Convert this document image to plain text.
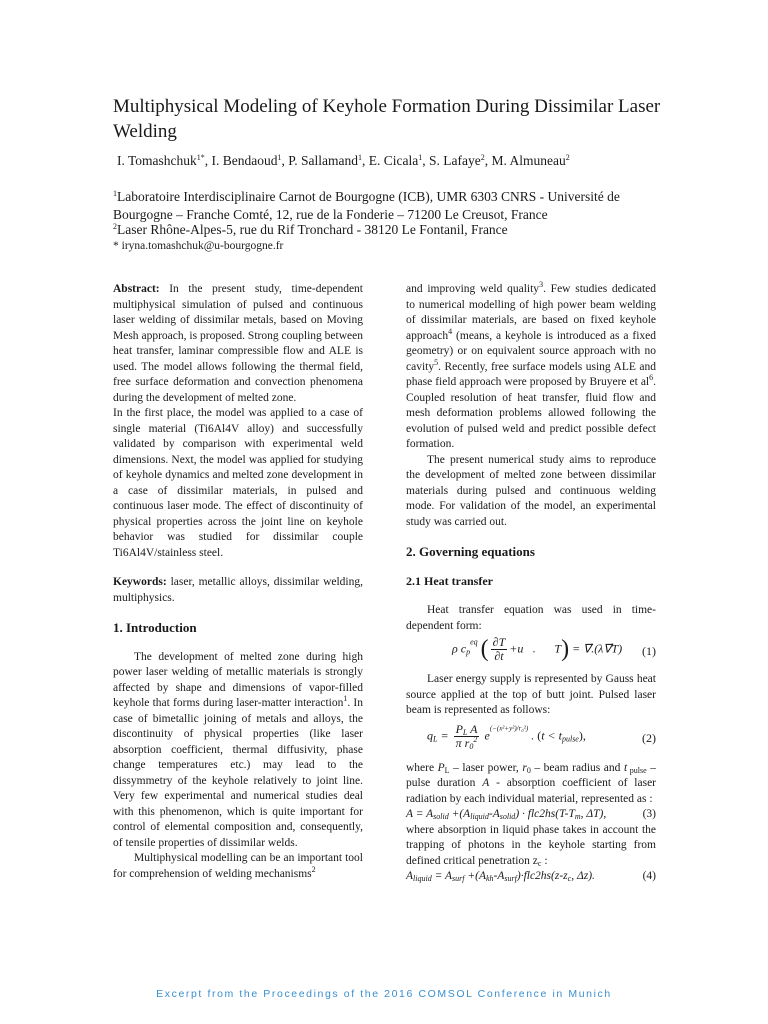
Multiphysical Modeling of Keyhole Formation During Dissimilar Laser Welding
I. Tomashchuk$^{1*}$, I. Bendaoud$^1$, P. Sallamand$^1$, E. Cicala$^1$, S. Lafaye$^2$, M. Almuneau$^2$
$^1$Laboratoire Interdisciplinaire Carnot de Bourgogne (ICB), UMR 6303 CNRS - Université de
Bourgogne – Franche Comté, 12, rue de la Fonderie – 71200 Le Creusot, France
$^2$Laser Rhône-Alpes-5, rue du Rif Tronchard - 38120 Le Fontanil, France
* iryna.tomashchuk@u-bourgogne.fr

Abstract: In the present study, time-dependent multiphysical simulation of pulsed and continuous laser welding of dissimilar metals, based on Moving Mesh approach, is proposed. Strong coupling between heat transfer, laminar compressible flow and ALE is used. The model allows following the thermal field, free surface deformation and convection phenomena during the development of melted zone.

In the first place, the model was applied to a case of single material (Ti6Al4V alloy) and successfully validated by comparison with experimental weld dimensions. Next, the model was applied for studying of keyhole dynamics and melted zone development in a case of dissimilar materials, in pulsed and continuous laser mode. The effect of discontinuity of physical properties across the joint line on keyhole behavior was studied for dissimilar couple Ti6Al4V/stainless steel.

Keywords: laser, metallic alloys, dissimilar welding, multiphysics.

1. Introduction

The development of melted zone during high power laser welding of metallic materials is strongly affected by shape and dimensions of vapor-filled keyhole that forms during laser-matter interaction$^1$. In case of bimetallic joining of metals and alloys, the discontinuity of physical properties (like laser absorption coefficient, thermal diffusivity, phase change temperatures etc.) may lead to the dissymmetry of the keyhole relatively to joint line. Very few experimental and numerical studies deal with this phenomenon, which is quite important for control of elemental composition and, consequently, of tensile properties of dissimilar welds.

Multiphysical modelling can be an important tool for comprehension of welding mechanisms$^2$

and improving weld quality$^3$. Few studies dedicated to numerical modelling of high power beam welding of dissimilar materials, are based on fixed keyhole approach$^4$ (means, a keyhole is introduced as a fixed geometry) or on equivalent source approach with no cavity$^5$. Recently, free surface models using ALE and phase field approach were proposed by Bruyere et $al^6$. Coupled resolution of heat transfer, fluid flow and mesh deformation problems allowed following the evolution of pulsed weld and predict possible defect formation.

The present numerical study aims to reproduce the development of melted zone between dissimilar materials during pulsed and continuous welding mode. For validation of the model, an experimental study was carried out.

2. Governing equations

2.1 Heat transfer

Heat transfer equation was used in time-dependent form:

ρ $c_p^{eq}$ ( $\frac{\partial T}{\partial t}$ +u⃗.∇⃗T) = ∇⃗.(λ∇⃗T) (1)

Laser energy supply is represented by Gauss heat source applied at the top of butt joint. Pulsed laser beam is represented as follows:

$q_L = \frac{P_L A}{\pi r_0^2} e^{(-(x^2+y^2)/r_0^2)}$ . $(t < t_{pulse})$,	(2)

where $P_L$ – laser power, $r_0$ – beam radius and t $_{pulse}$ –pulse duration A - absorption coefficient of laser radiation by each individual material, represented as :

$A = A_{solid} +(A_{liquid}-A_{solid}) \cdot flc2hs(T-T_m$, ΔT),	(3)

where absorption in liquid phase takes in account the trapping of photons in the keyhole starting from defined critical penetration $z_c$ :

$A_{liquid} = A_{surf} +(A_{kh}-A_{surf})\cdot flc2hs(z-z_c$, Δz).	(4)
Excerpt from the Proceedings of the 2016 COMSOL Conference in Munich
